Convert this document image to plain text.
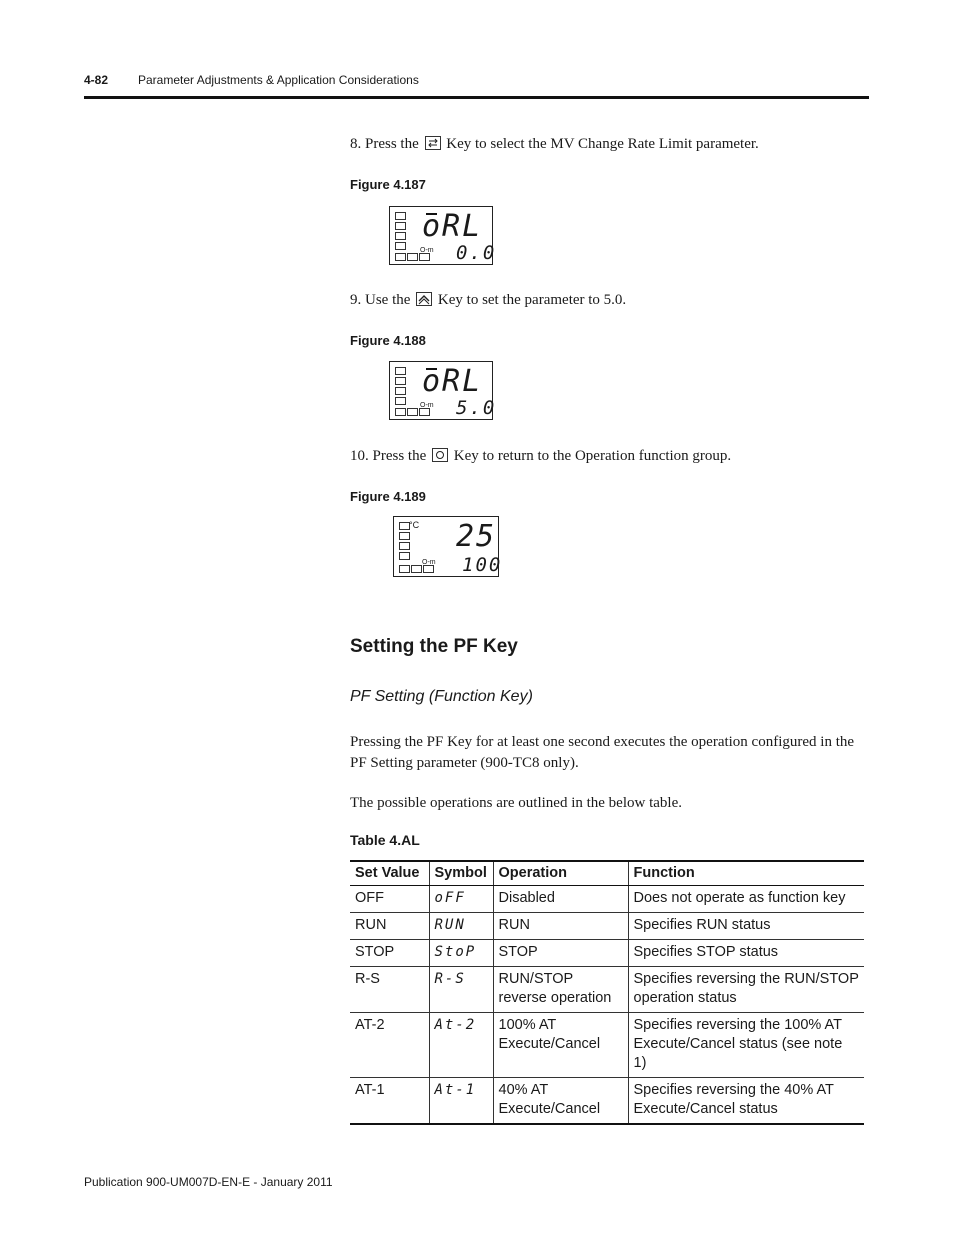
4-82 Parameter Adjustments & Application Considerations
8. Press the Key to select the MV Change Rate Limit parameter.
Figure 4.187
O‑m
oRL
0.0
9. Use the Key to set the parameter to 5.0.
Figure 4.188
O‑m
oRL
5.0
10. Press the Key to return to the Operation function group.
Figure 4.189
°C
O‑m
25
100
Setting the PF Key
PF Setting (Function Key)
Pressing the PF Key for at least one second executes the operation configured in the PF Setting parameter (900-TC8 only).
The possible operations are outlined in the below table.
Table 4.AL
Set Value	Symbol	Operation	Function
OFF	oFF	Disabled	Does not operate as function key
RUN	RUN	RUN	Specifies RUN status
STOP	StoP	STOP	Specifies STOP status
R-S	R-S	RUN/STOP reverse operation	Specifies reversing the RUN/STOP operation status
AT-2	At-2	100% AT Execute/Cancel	Specifies reversing the 100% AT Execute/Cancel status (see note 1)
AT-1	At-1	40% AT Execute/Cancel	Specifies reversing the 40% AT Execute/Cancel status
Publication 900-UM007D-EN-E - January 2011
